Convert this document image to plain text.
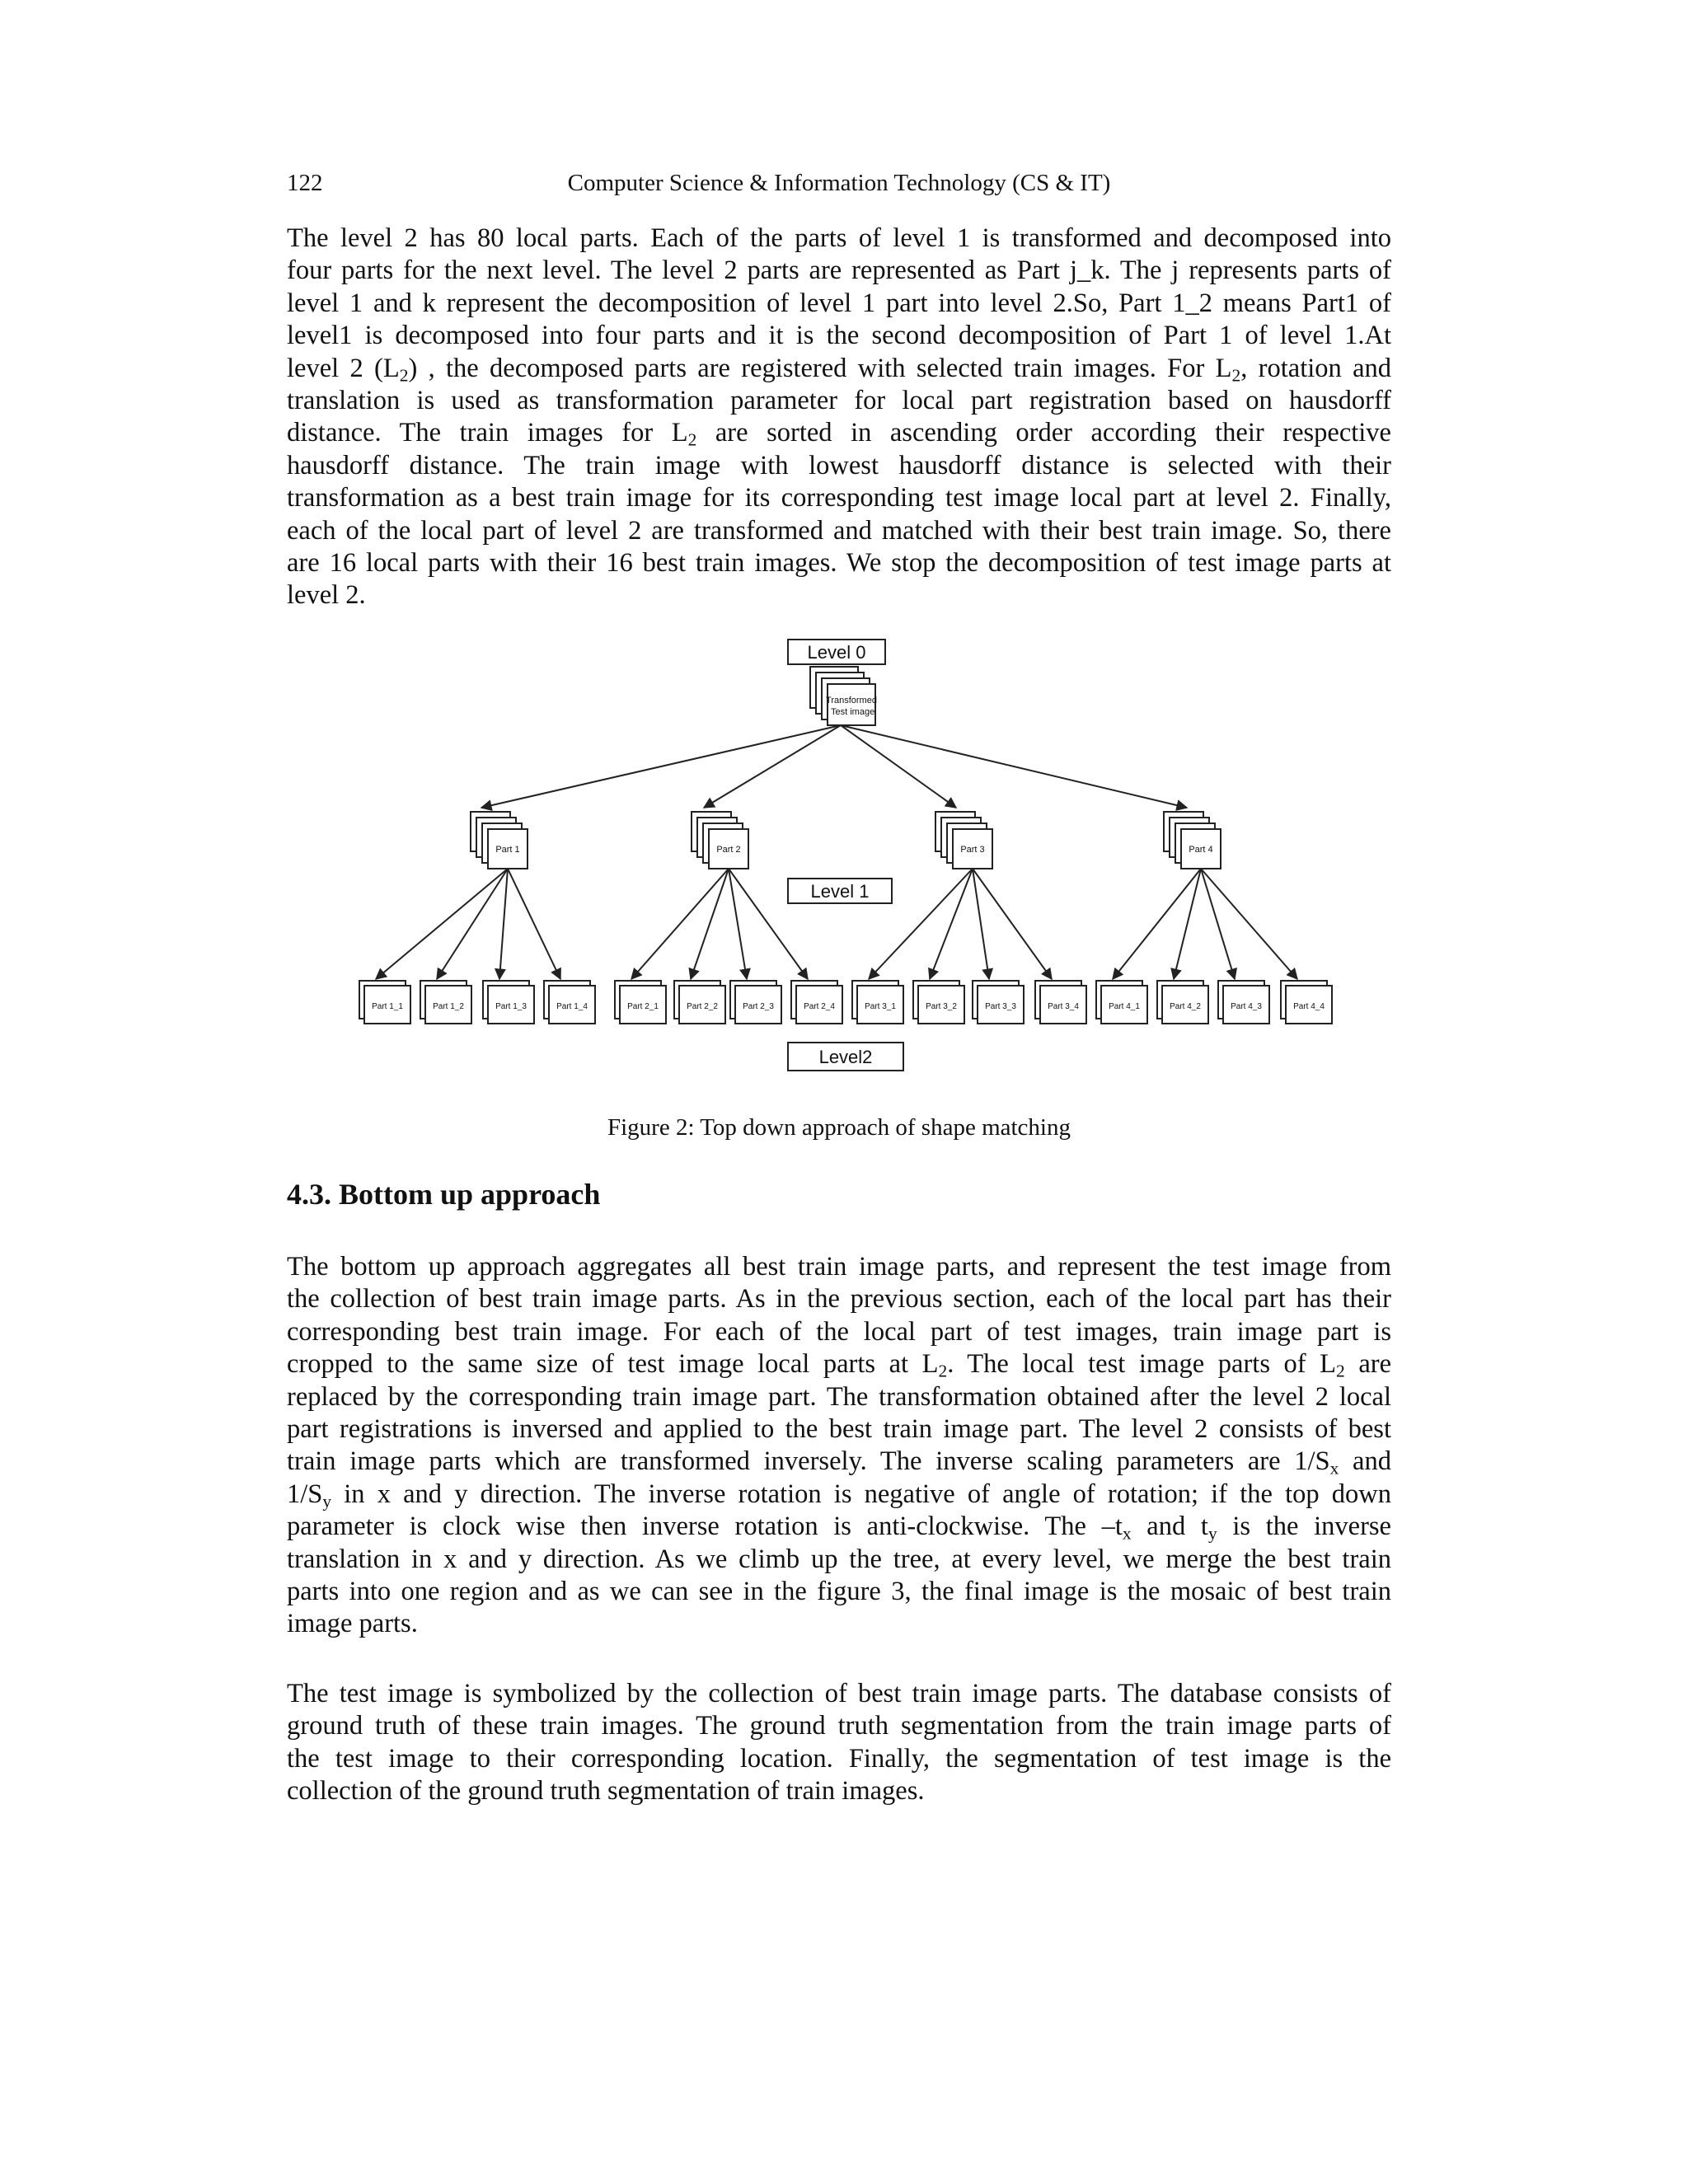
122	Computer Science & Information Technology (CS & IT)
The level 2 has 80 local parts. Each of the parts of level 1 is transformed and decomposed into
four parts for the next level. The level 2 parts are represented as Part j_k. The j represents parts of
level 1 and k represent the decomposition of level 1 part into level 2.So, Part 1_2 means Part1 of
level1 is decomposed into four parts and it is the second decomposition of Part 1 of level 1.At
level 2 $(L_2)$ , the decomposed parts are registered with selected train images. For $L_2$, rotation and
translation is used as transformation parameter for local part registration based on hausdorff
distance. The train images for $L_2$ are sorted in ascending order according their respective
hausdorff distance. The train image with lowest hausdorff distance is selected with their
transformation as a best train image for its corresponding test image local part at level 2. Finally,
each of the local part of level 2 are transformed and matched with their best train image. So, there
are 16 local parts with their 16 best train images. We stop the decomposition of test image parts at
level 2.
Level 0
Level 1
Level2
Transformed
Test image
Part 1	Part 2	Part 3	Part 4
Part 1_1	Part 1_2	Part 1_3	Part 1_4	Part 2_1	Part 2_2	Part 2_3	Part 2_4	Part 3_1	Part 3_2	Part 3_3	Part 3_4	Part 4_1	Part 4_2	Part 4_3	Part 4_4
Figure 2: Top down approach of shape matching
4.3. Bottom up approach
The bottom up approach aggregates all best train image parts, and represent the test image from
the collection of best train image parts. As in the previous section, each of the local part has their
corresponding best train image. For each of the local part of test images, train image part is
cropped to the same size of test image local parts at $L_2$. The local test image parts of $L_2$ are
replaced by the corresponding train image part. The transformation obtained after the level 2 local
part registrations is inversed and applied to the best train image part. The level 2 consists of best
train image parts which are transformed inversely. The inverse scaling parameters are $1/S_x$ and
$1/S_y$ in x and y direction. The inverse rotation is negative of angle of rotation; if the top down
parameter is clock wise then inverse rotation is anti-clockwise. The $-t_x$ and $t_y$ is the inverse
translation in x and y direction. As we climb up the tree, at every level, we merge the best train
parts into one region and as we can see in the figure 3, the final image is the mosaic of best train
image parts.
The test image is symbolized by the collection of best train image parts. The database consists of
ground truth of these train images. The ground truth segmentation from the train image parts of
the test image to their corresponding location. Finally, the segmentation of test image is the
collection of the ground truth segmentation of train images.
